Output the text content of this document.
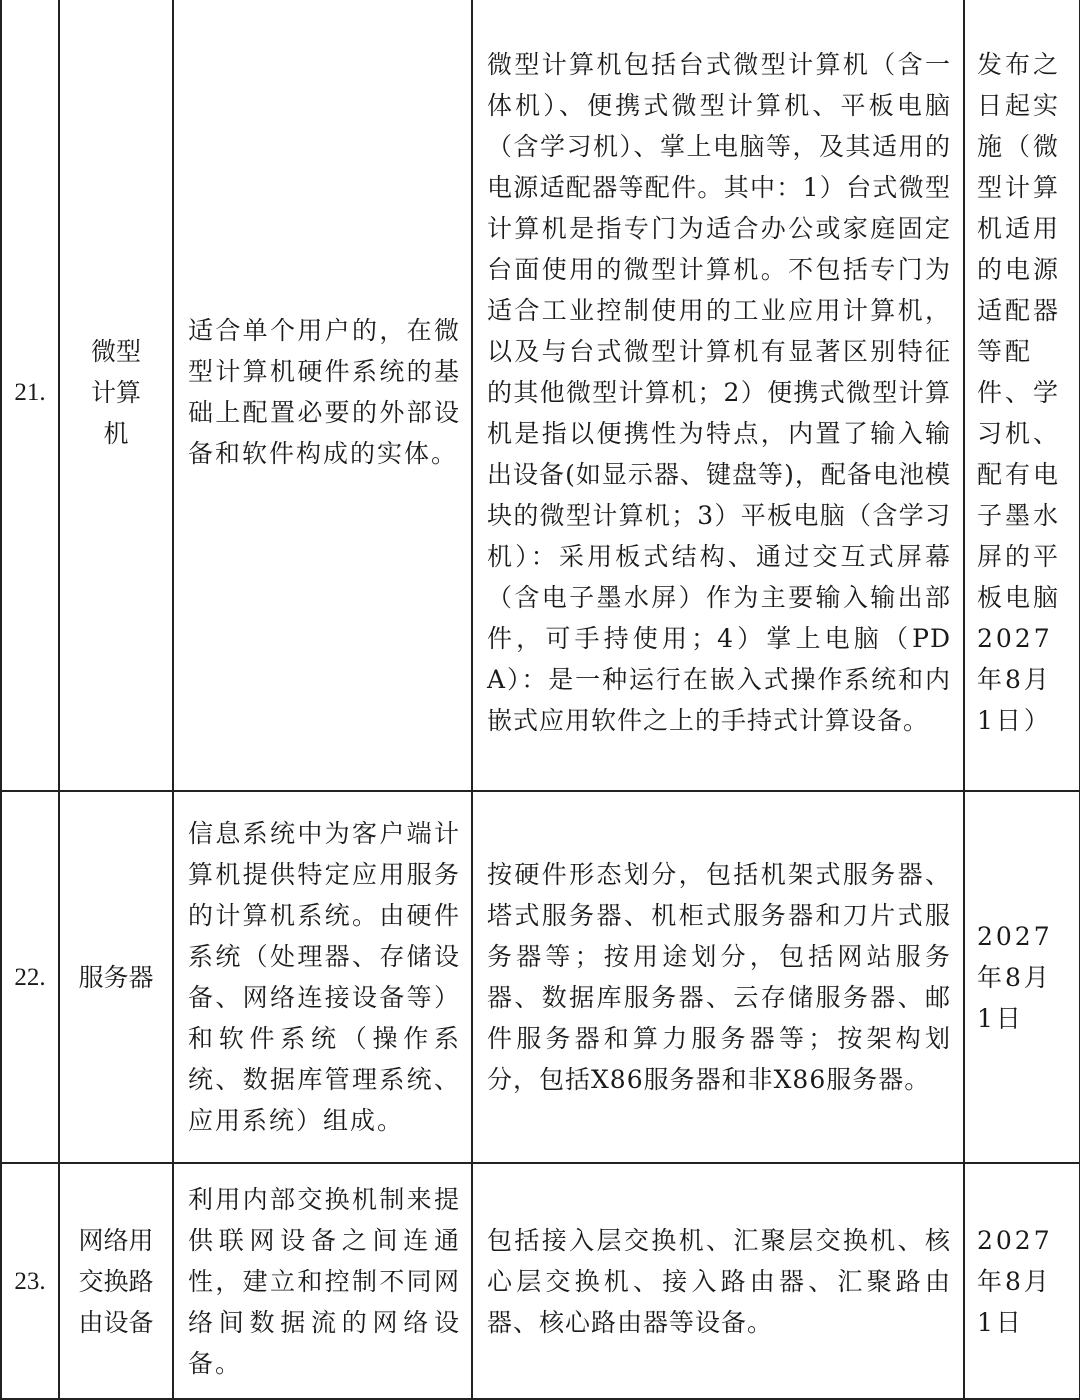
21.	微型计算机	适合单个用户的，在微型计算机硬件系统的基础上配置必要的外部设备和软件构成的实体。	微型计算机包括台式微型计算机（含一体机）、便携式微型计算机、平板电脑（含学习机）、掌上电脑等，及其适用的电源适配器等配件。其中：1）台式微型计算机是指专门为适合办公或家庭固定台面使用的微型计算机。不包括专门为适合工业控制使用的工业应用计算机，以及与台式微型计算机有显著区别特征的其他微型计算机；2）便携式微型计算机是指以便携性为特点，内置了输入输出设备(如显示器、键盘等)，配备电池模块的微型计算机；3）平板电脑（含学习机）：采用板式结构、通过交互式屏幕（含电子墨水屏）作为主要输入输出部件，可手持使用；4）掌上电脑（PDA）：是一种运行在嵌入式操作系统和内嵌式应用软件之上的手持式计算设备。	发布之日起实施（微型计算机适用的电源适配器等配件、学习机、配有电子墨水屏的平板电脑2027年8月1日）

22.	服务器	信息系统中为客户端计算机提供特定应用服务的计算机系统。由硬件系统（处理器、存储设备、网络连接设备等）和软件系统（操作系统、数据库管理系统、应用系统）组成。	按硬件形态划分，包括机架式服务器、塔式服务器、机柜式服务器和刀片式服务器等；按用途划分，包括网站服务器、数据库服务器、云存储服务器、邮件服务器和算力服务器等；按架构划分，包括X86服务器和非X86服务器。	2027年8月1日

23.	网络用交换路由设备	利用内部交换机制来提供联网设备之间连通性，建立和控制不同网络间数据流的网络设备。	包括接入层交换机、汇聚层交换机、核心层交换机、接入路由器、汇聚路由器、核心路由器等设备。	2027年8月1日
